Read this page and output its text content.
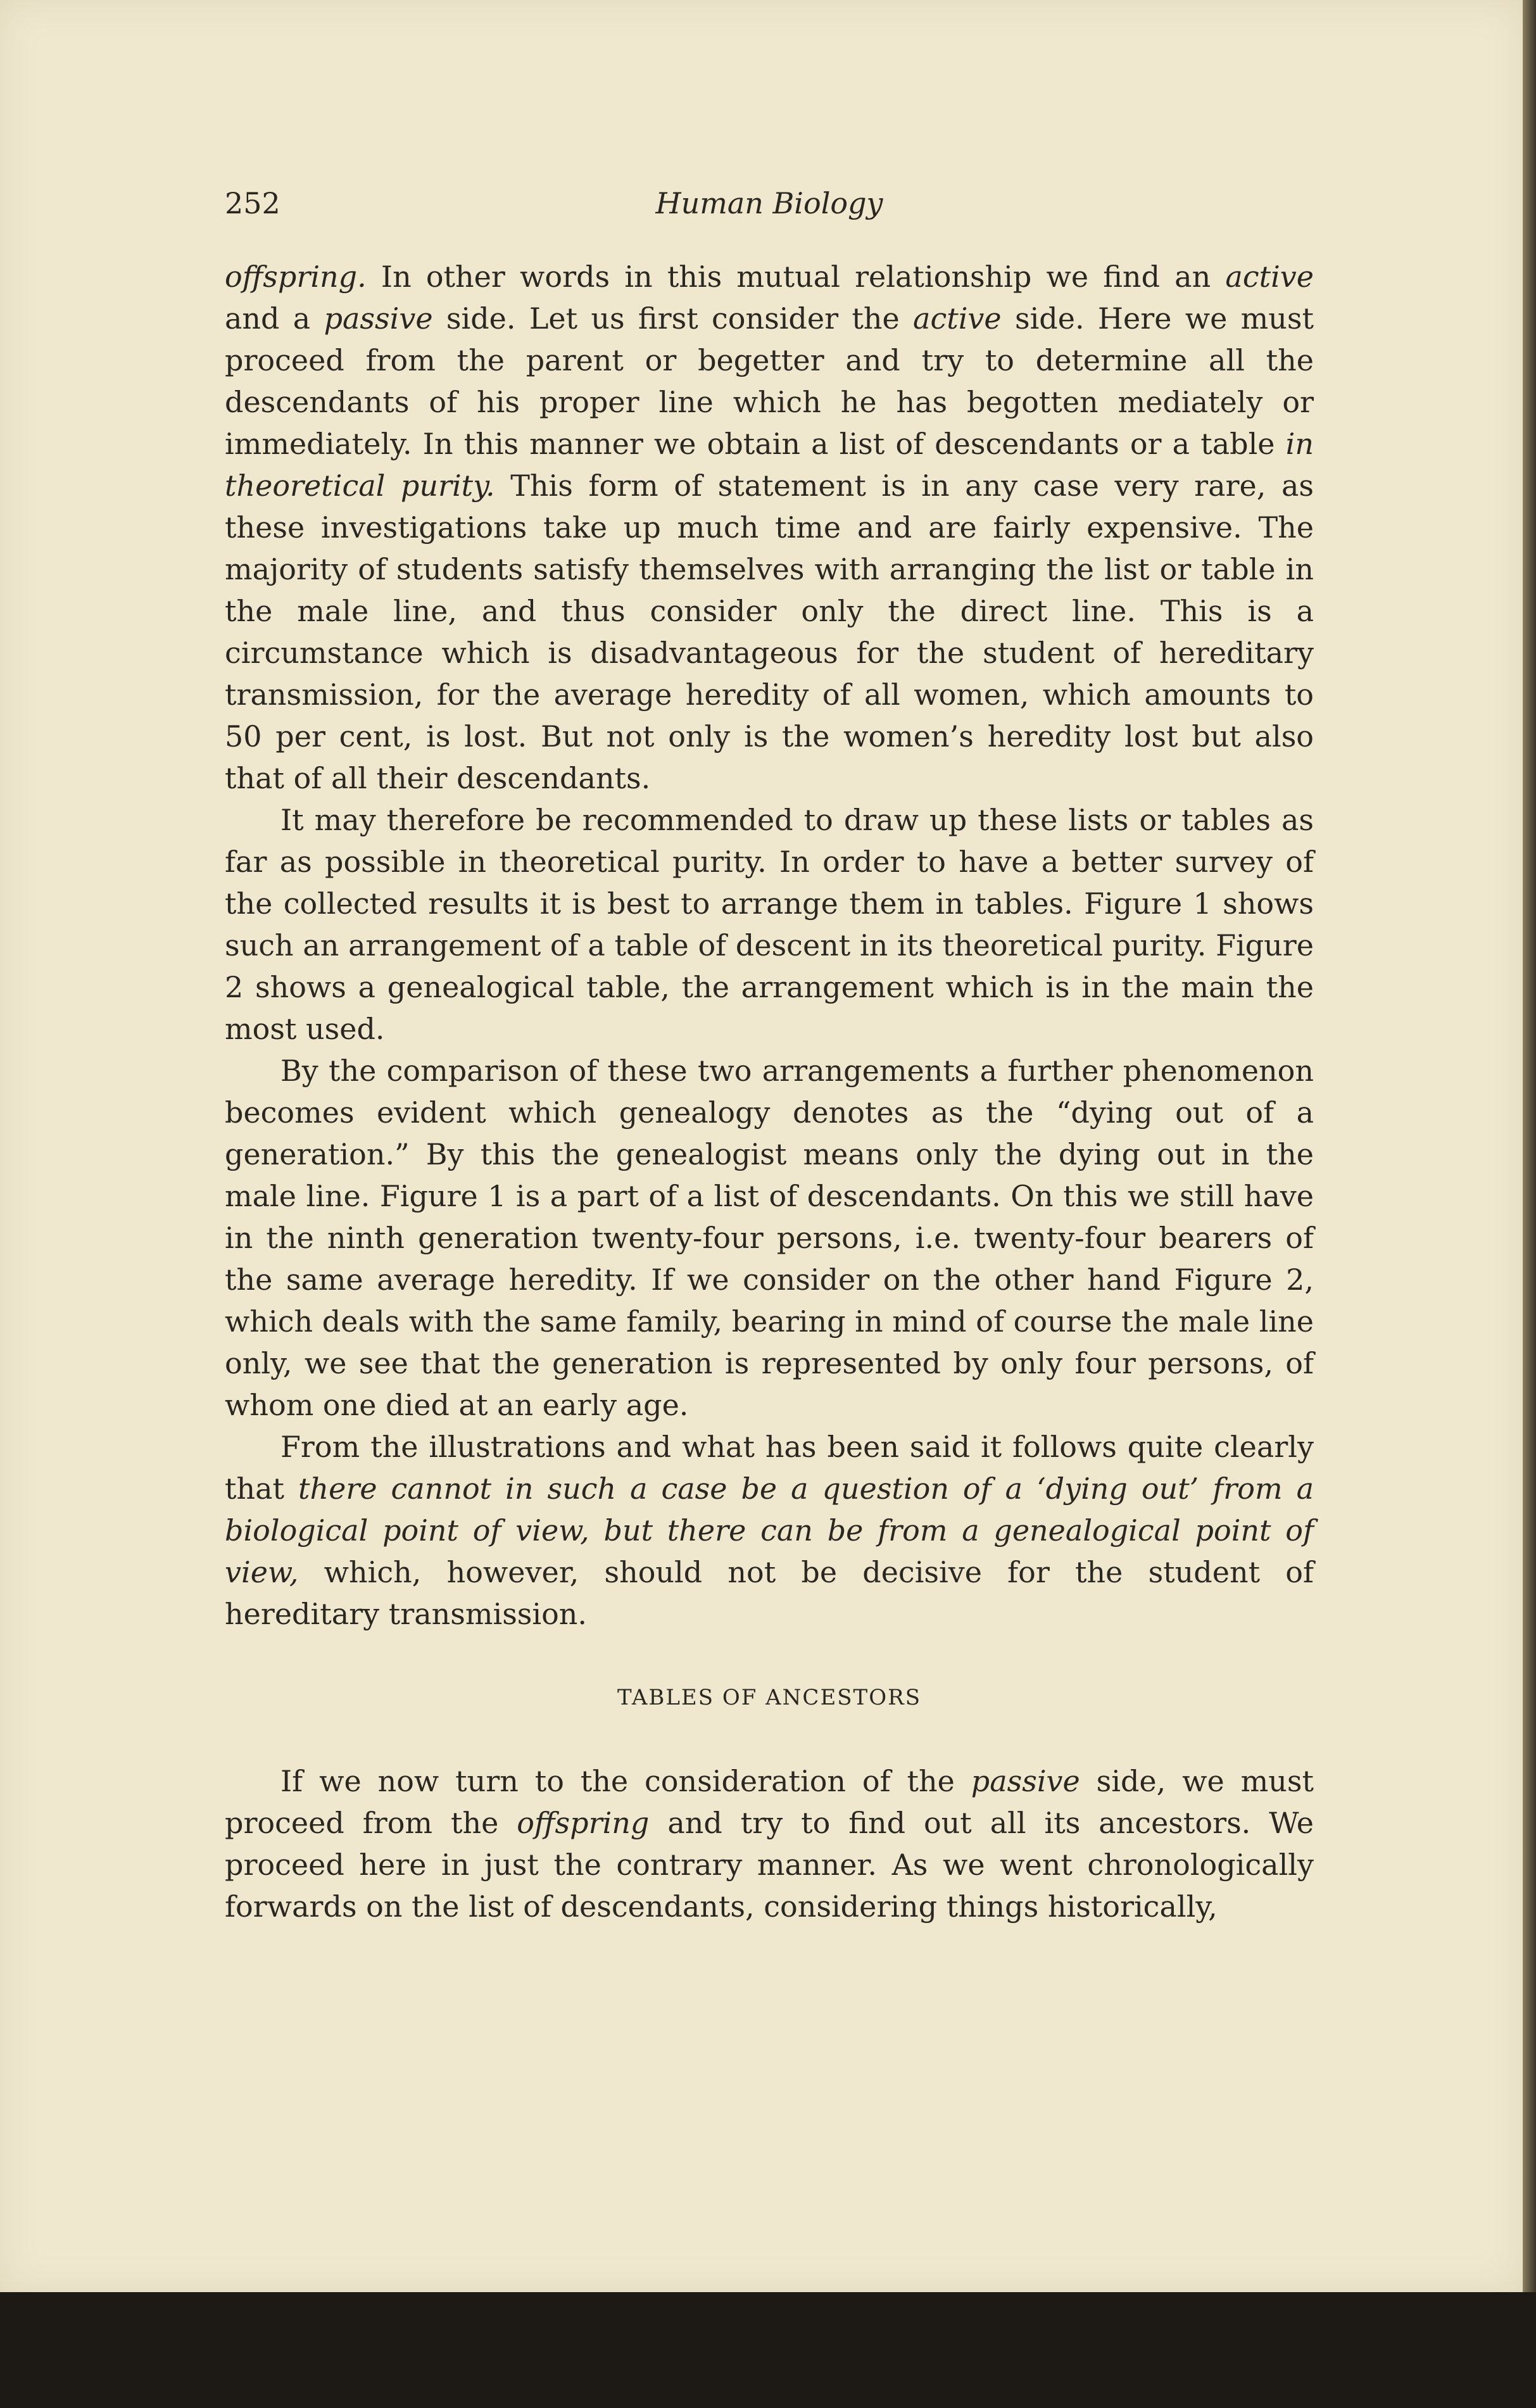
252	Human Biology

offspring. In other words in this mutual relationship we find an active and a passive side. Let us first consider the active side. Here we must proceed from the parent or begetter and try to determine all the descendants of his proper line which he has begotten mediately or immediately. In this manner we obtain a list of descendants or a table in theoretical purity. This form of statement is in any case very rare, as these investigations take up much time and are fairly expensive. The majority of students satisfy themselves with arranging the list or table in the male line, and thus consider only the direct line. This is a circumstance which is disadvantageous for the student of hereditary transmission, for the average heredity of all women, which amounts to 50 per cent, is lost. But not only is the women’s heredity lost but also that of all their descendants.

It may therefore be recommended to draw up these lists or tables as far as possible in theoretical purity. In order to have a better survey of the collected results it is best to arrange them in tables. Figure 1 shows such an arrangement of a table of descent in its theoretical purity. Figure 2 shows a genealogical table, the arrangement which is in the main the most used.

By the comparison of these two arrangements a further phenomenon becomes evident which genealogy denotes as the “dying out of a generation.” By this the genealogist means only the dying out in the male line. Figure 1 is a part of a list of descendants. On this we still have in the ninth generation twenty-four persons, i.e. twenty-four bearers of the same average heredity. If we consider on the other hand Figure 2, which deals with the same family, bearing in mind of course the male line only, we see that the generation is represented by only four persons, of whom one died at an early age.

From the illustrations and what has been said it follows quite clearly that there cannot in such a case be a question of a ‘dying out’ from a biological point of view, but there can be from a genealogical point of view, which, however, should not be decisive for the student of hereditary transmission.

TABLES OF ANCESTORS

If we now turn to the consideration of the passive side, we must proceed from the offspring and try to find out all its ancestors. We proceed here in just the contrary manner. As we went chronologically forwards on the list of descendants, considering things historically,
